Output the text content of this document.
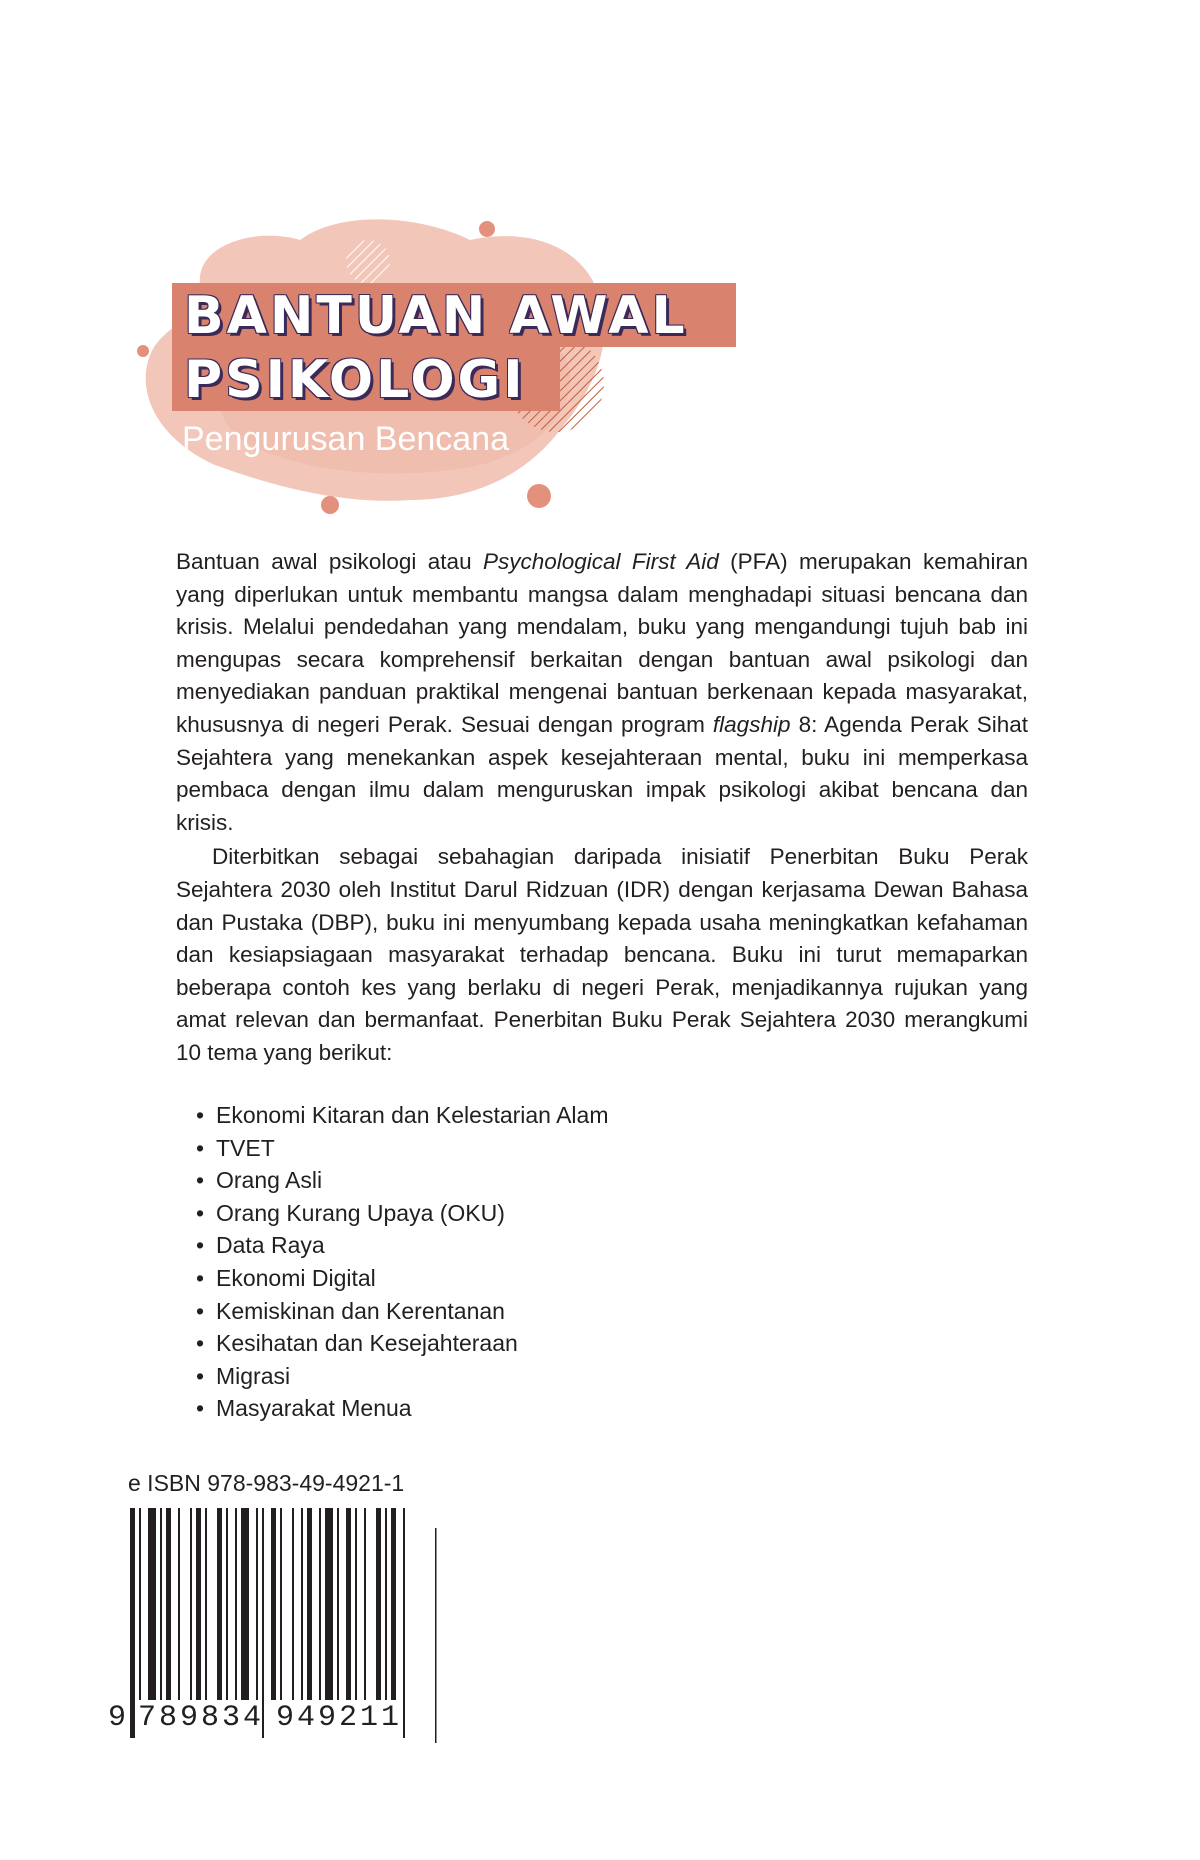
BANTUAN AWAL
PSIKOLOGI

Pengurusan Bencana

Bantuan awal psikologi atau Psychological First Aid (PFA) merupakan kemahiran yang diperlukan untuk membantu mangsa dalam menghadapi situasi bencana dan krisis. Melalui pendedahan yang mendalam, buku yang mengandungi tujuh bab ini mengupas secara komprehensif berkaitan dengan bantuan awal psikologi dan menyediakan panduan praktikal mengenai bantuan berkenaan kepada masyarakat, khususnya di negeri Perak. Sesuai dengan program flagship 8: Agenda Perak Sihat Sejahtera yang menekankan aspek kesejahteraan mental, buku ini memperkasa pembaca dengan ilmu dalam menguruskan impak psikologi akibat bencana dan krisis.

Diterbitkan sebagai sebahagian daripada inisiatif Penerbitan Buku Perak Sejahtera 2030 oleh Institut Darul Ridzuan (IDR) dengan kerjasama Dewan Bahasa dan Pustaka (DBP), buku ini menyumbang kepada usaha meningkatkan kefahaman dan kesiapsiagaan masyarakat terhadap bencana. Buku ini turut memaparkan beberapa contoh kes yang berlaku di negeri Perak, menjadikannya rujukan yang amat relevan dan bermanfaat. Penerbitan Buku Perak Sejahtera 2030 merangkumi 10 tema yang berikut:

• Ekonomi Kitaran dan Kelestarian Alam
• TVET
• Orang Asli
• Orang Kurang Upaya (OKU)
• Data Raya
• Ekonomi Digital
• Kemiskinan dan Kerentanan
• Kesihatan dan Kesejahteraan
• Migrasi
• Masyarakat Menua

e ISBN 978-983-49-4921-1

9 789834 949211
